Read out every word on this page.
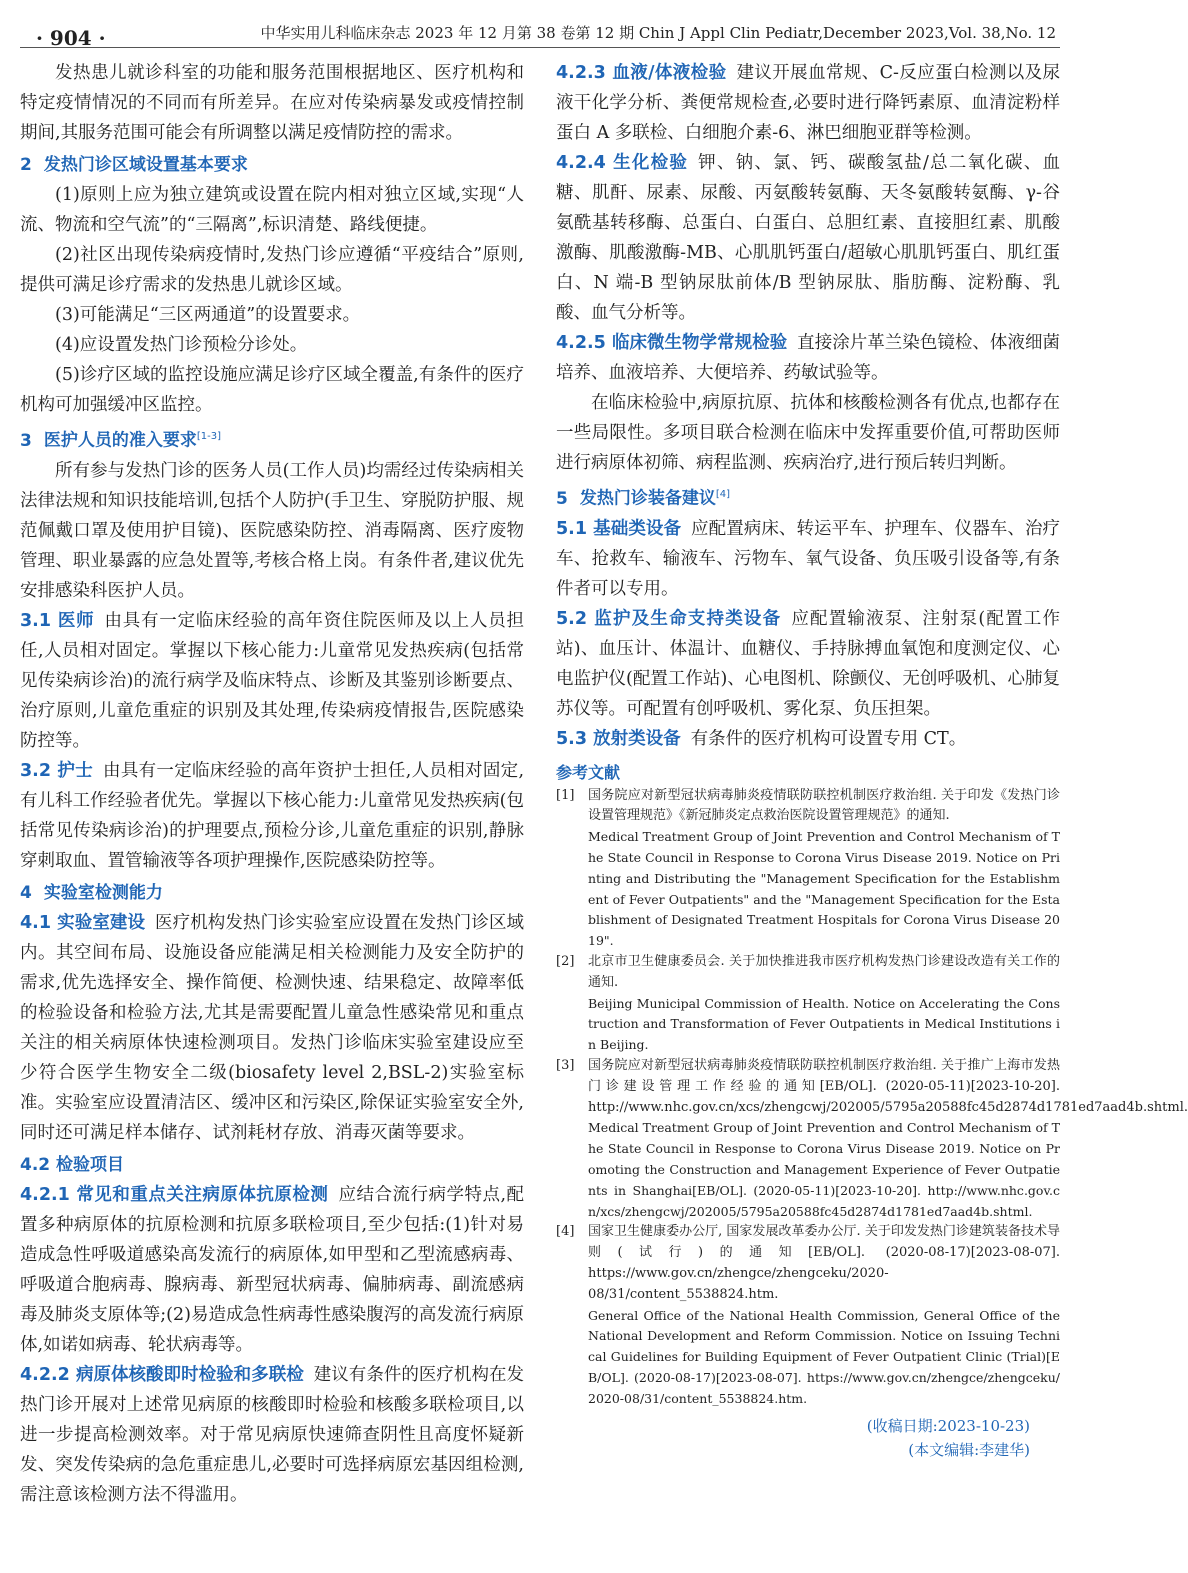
· 904 ·	中华实用儿科临床杂志 2023 年 12 月第 38 卷第 12 期 Chin J Appl Clin Pediatr,December 2023,Vol. 38,No. 12

发热患儿就诊科室的功能和服务范围根据地区、医疗机构和特定疫情情况的不同而有所差异。在应对传染病暴发或疫情控制期间,其服务范围可能会有所调整以满足疫情防控的需求。

2 发热门诊区域设置基本要求

(1)原则上应为独立建筑或设置在院内相对独立区域,实现“人流、物流和空气流”的“三隔离”,标识清楚、路线便捷。

(2)社区出现传染病疫情时,发热门诊应遵循“平疫结合”原则,提供可满足诊疗需求的发热患儿就诊区域。

(3)可能满足“三区两通道”的设置要求。

(4)应设置发热门诊预检分诊处。

(5)诊疗区域的监控设施应满足诊疗区域全覆盖,有条件的医疗机构可加强缓冲区监控。

3 医护人员的准入要求[1-3]

所有参与发热门诊的医务人员(工作人员)均需经过传染病相关法律法规和知识技能培训,包括个人防护(手卫生、穿脱防护服、规范佩戴口罩及使用护目镜)、医院感染防控、消毒隔离、医疗废物管理、职业暴露的应急处置等,考核合格上岗。有条件者,建议优先安排感染科医护人员。

3.1 医师 由具有一定临床经验的高年资住院医师及以上人员担任,人员相对固定。掌握以下核心能力:儿童常见发热疾病(包括常见传染病诊治)的流行病学及临床特点、诊断及其鉴别诊断要点、治疗原则,儿童危重症的识别及其处理,传染病疫情报告,医院感染防控等。

3.2 护士 由具有一定临床经验的高年资护士担任,人员相对固定,有儿科工作经验者优先。掌握以下核心能力:儿童常见发热疾病(包括常见传染病诊治)的护理要点,预检分诊,儿童危重症的识别,静脉穿刺取血、置管输液等各项护理操作,医院感染防控等。

4 实验室检测能力

4.1 实验室建设 医疗机构发热门诊实验室应设置在发热门诊区域内。其空间布局、设施设备应能满足相关检测能力及安全防护的需求,优先选择安全、操作简便、检测快速、结果稳定、故障率低的检验设备和检验方法,尤其是需要配置儿童急性感染常见和重点关注的相关病原体快速检测项目。发热门诊临床实验室建设应至少符合医学生物安全二级(biosafety level 2,BSL-2)实验室标准。实验室应设置清洁区、缓冲区和污染区,除保证实验室安全外,同时还可满足样本储存、试剂耗材存放、消毒灭菌等要求。

4.2 检验项目

4.2.1 常见和重点关注病原体抗原检测 应结合流行病学特点,配置多种病原体的抗原检测和抗原多联检项目,至少包括:(1)针对易造成急性呼吸道感染高发流行的病原体,如甲型和乙型流感病毒、呼吸道合胞病毒、腺病毒、新型冠状病毒、偏肺病毒、副流感病毒及肺炎支原体等;(2)易造成急性病毒性感染腹泻的高发流行病原体,如诺如病毒、轮状病毒等。

4.2.2 病原体核酸即时检验和多联检 建议有条件的医疗机构在发热门诊开展对上述常见病原的核酸即时检验和核酸多联检项目,以进一步提高检测效率。对于常见病原快速筛查阴性且高度怀疑新发、突发传染病的急危重症患儿,必要时可选择病原宏基因组检测,需注意该检测方法不得滥用。

4.2.3 血液/体液检验 建议开展血常规、C-反应蛋白检测以及尿液干化学分析、粪便常规检查,必要时进行降钙素原、血清淀粉样蛋白 A 多联检、白细胞介素-6、淋巴细胞亚群等检测。

4.2.4 生化检验 钾、钠、氯、钙、碳酸氢盐/总二氧化碳、血糖、肌酐、尿素、尿酸、丙氨酸转氨酶、天冬氨酸转氨酶、γ-谷氨酰基转移酶、总蛋白、白蛋白、总胆红素、直接胆红素、肌酸激酶、肌酸激酶-MB、心肌肌钙蛋白/超敏心肌肌钙蛋白、肌红蛋白、N 端-B 型钠尿肽前体/B 型钠尿肽、脂肪酶、淀粉酶、乳酸、血气分析等。

4.2.5 临床微生物学常规检验 直接涂片革兰染色镜检、体液细菌培养、血液培养、大便培养、药敏试验等。

在临床检验中,病原抗原、抗体和核酸检测各有优点,也都存在一些局限性。多项目联合检测在临床中发挥重要价值,可帮助医师进行病原体初筛、病程监测、疾病治疗,进行预后转归判断。

5 发热门诊装备建议[4]

5.1 基础类设备 应配置病床、转运平车、护理车、仪器车、治疗车、抢救车、输液车、污物车、氧气设备、负压吸引设备等,有条件者可以专用。

5.2 监护及生命支持类设备 应配置输液泵、注射泵(配置工作站)、血压计、体温计、血糖仪、手持脉搏血氧饱和度测定仪、心电监护仪(配置工作站)、心电图机、除颤仪、无创呼吸机、心肺复苏仪等。可配置有创呼吸机、雾化泵、负压担架。

5.3 放射类设备 有条件的医疗机构可设置专用 CT。

参考文献
[1] 国务院应对新型冠状病毒肺炎疫情联防联控机制医疗救治组. 关于印发《发热门诊设置管理规范》《新冠肺炎定点救治医院设置管理规范》的通知.
Medical Treatment Group of Joint Prevention and Control Mechanism of The State Council in Response to Corona Virus Disease 2019. Notice on Printing and Distributing the "Management Specification for the Establishment of Fever Outpatients" and the "Management Specification for the Establishment of Designated Treatment Hospitals for Corona Virus Disease 2019".
[2] 北京市卫生健康委员会. 关于加快推进我市医疗机构发热门诊建设改造有关工作的通知.
Beijing Municipal Commission of Health. Notice on Accelerating the Construction and Transformation of Fever Outpatients in Medical Institutions in Beijing.
[3] 国务院应对新型冠状病毒肺炎疫情联防联控机制医疗救治组. 关于推广上海市发热门诊建设管理工作经验的通知[EB/OL]. (2020-05-11)[2023-10-20]. http://www.nhc.gov.cn/xcs/zhengcwj/202005/5795a20588fc45d2874d1781ed7aad4b.shtml.
Medical Treatment Group of Joint Prevention and Control Mechanism of The State Council in Response to Corona Virus Disease 2019. Notice on Promoting the Construction and Management Experience of Fever Outpatients in Shanghai[EB/OL]. (2020-05-11)[2023-10-20]. http://www.nhc.gov.cn/xcs/zhengcwj/202005/5795a20588fc45d2874d1781ed7aad4b.shtml.
[4] 国家卫生健康委办公厅, 国家发展改革委办公厅. 关于印发发热门诊建筑装备技术导则(试行)的通知[EB/OL]. (2020-08-17)[2023-08-07]. https://www.gov.cn/zhengce/zhengceku/2020-08/31/content_5538824.htm.
General Office of the National Health Commission, General Office of the National Development and Reform Commission. Notice on Issuing Technical Guidelines for Building Equipment of Fever Outpatient Clinic (Trial)[EB/OL]. (2020-08-17)[2023-08-07]. https://www.gov.cn/zhengce/zhengceku/2020-08/31/content_5538824.htm.
(收稿日期:2023-10-23)
(本文编辑:李建华)
